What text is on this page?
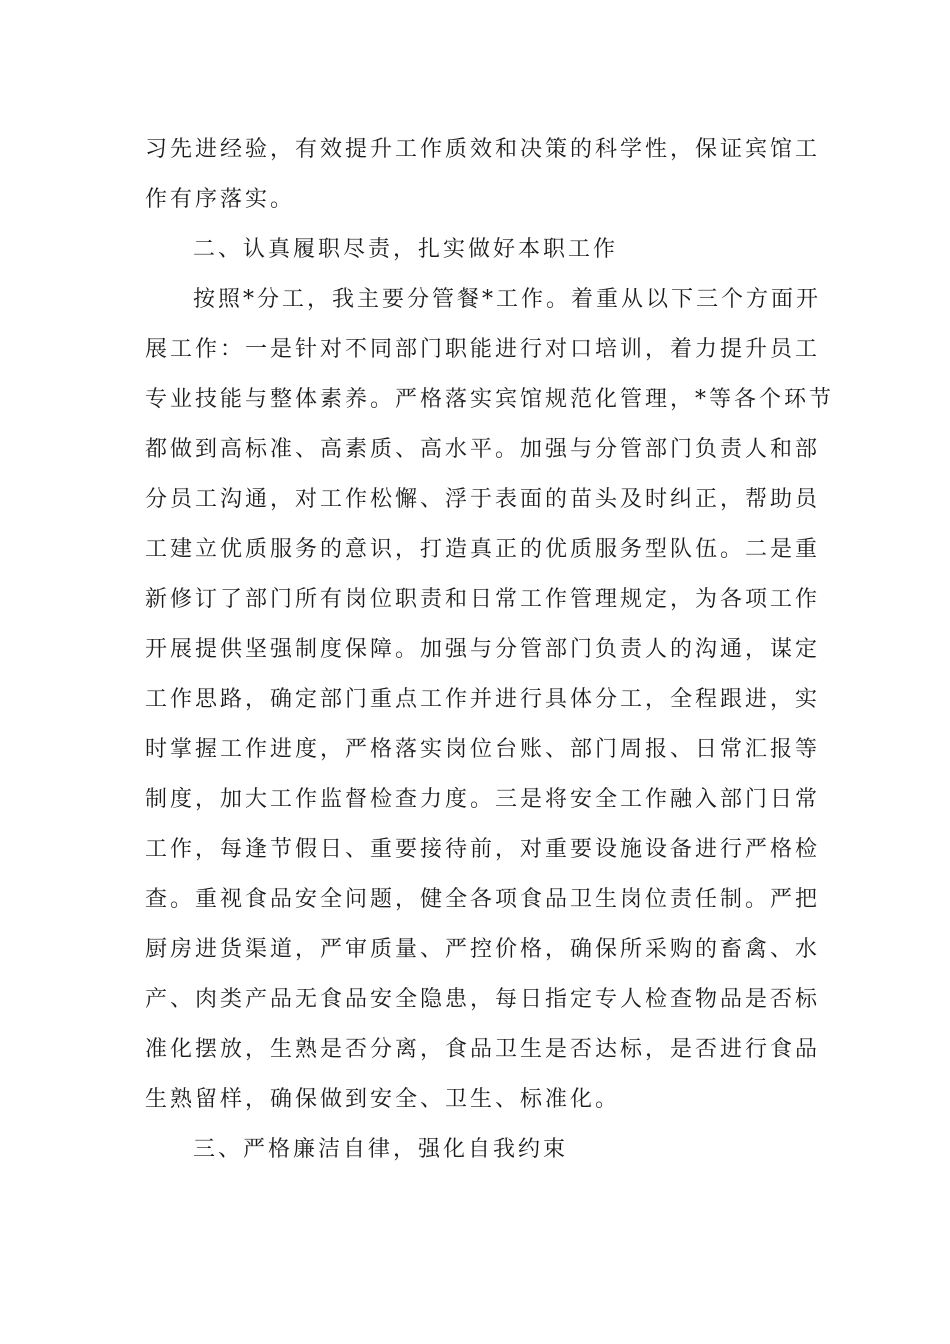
习先进经验，有效提升工作质效和决策的科学性，保证宾馆工
作有序落实。
二、认真履职尽责，扎实做好本职工作
按照*分工，我主要分管餐*工作。着重从以下三个方面开
展工作：一是针对不同部门职能进行对口培训，着力提升员工
专业技能与整体素养。严格落实宾馆规范化管理，*等各个环节
都做到高标准、高素质、高水平。加强与分管部门负责人和部
分员工沟通，对工作松懈、浮于表面的苗头及时纠正，帮助员
工建立优质服务的意识，打造真正的优质服务型队伍。二是重
新修订了部门所有岗位职责和日常工作管理规定，为各项工作
开展提供坚强制度保障。加强与分管部门负责人的沟通，谋定
工作思路，确定部门重点工作并进行具体分工，全程跟进，实
时掌握工作进度，严格落实岗位台账、部门周报、日常汇报等
制度，加大工作监督检查力度。三是将安全工作融入部门日常
工作，每逢节假日、重要接待前，对重要设施设备进行严格检
查。重视食品安全问题，健全各项食品卫生岗位责任制。严把
厨房进货渠道，严审质量、严控价格，确保所采购的畜禽、水
产、肉类产品无食品安全隐患，每日指定专人检查物品是否标
准化摆放，生熟是否分离，食品卫生是否达标，是否进行食品
生熟留样，确保做到安全、卫生、标准化。
三、严格廉洁自律，强化自我约束
